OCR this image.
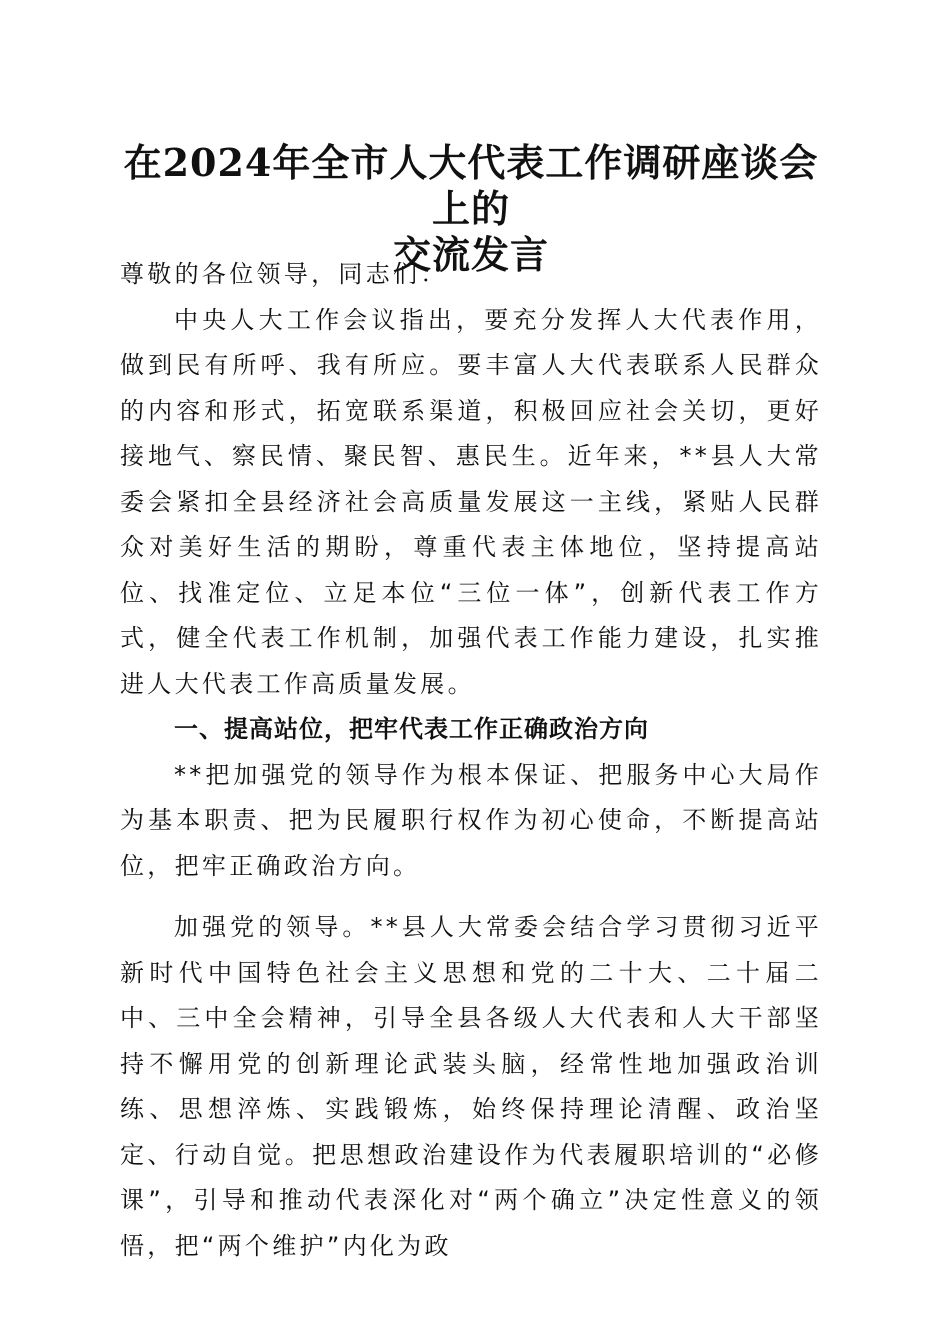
在2024年全市人大代表工作调研座谈会上的
交流发言

尊敬的各位领导，同志们：

中央人大工作会议指出，要充分发挥人大代表作用，做到民有所呼、我有所应。要丰富人大代表联系人民群众的内容和形式，拓宽联系渠道，积极回应社会关切，更好接地气、察民情、聚民智、惠民生。近年来，**县人大常委会紧扣全县经济社会高质量发展这一主线，紧贴人民群众对美好生活的期盼，尊重代表主体地位，坚持提高站位、找准定位、立足本位“三位一体”，创新代表工作方式，健全代表工作机制，加强代表工作能力建设，扎实推进人大代表工作高质量发展。

一、提高站位，把牢代表工作正确政治方向

**把加强党的领导作为根本保证、把服务中心大局作为基本职责、把为民履职行权作为初心使命，不断提高站位，把牢正确政治方向。

加强党的领导。**县人大常委会结合学习贯彻习近平新时代中国特色社会主义思想和党的二十大、二十届二中、三中全会精神，引导全县各级人大代表和人大干部坚持不懈用党的创新理论武装头脑，经常性地加强政治训练、思想淬炼、实践锻炼，始终保持理论清醒、政治坚定、行动自觉。把思想政治建设作为代表履职培训的“必修课”，引导和推动代表深化对“两个确立”决定性意义的领悟，把“两个维护”内化为政
